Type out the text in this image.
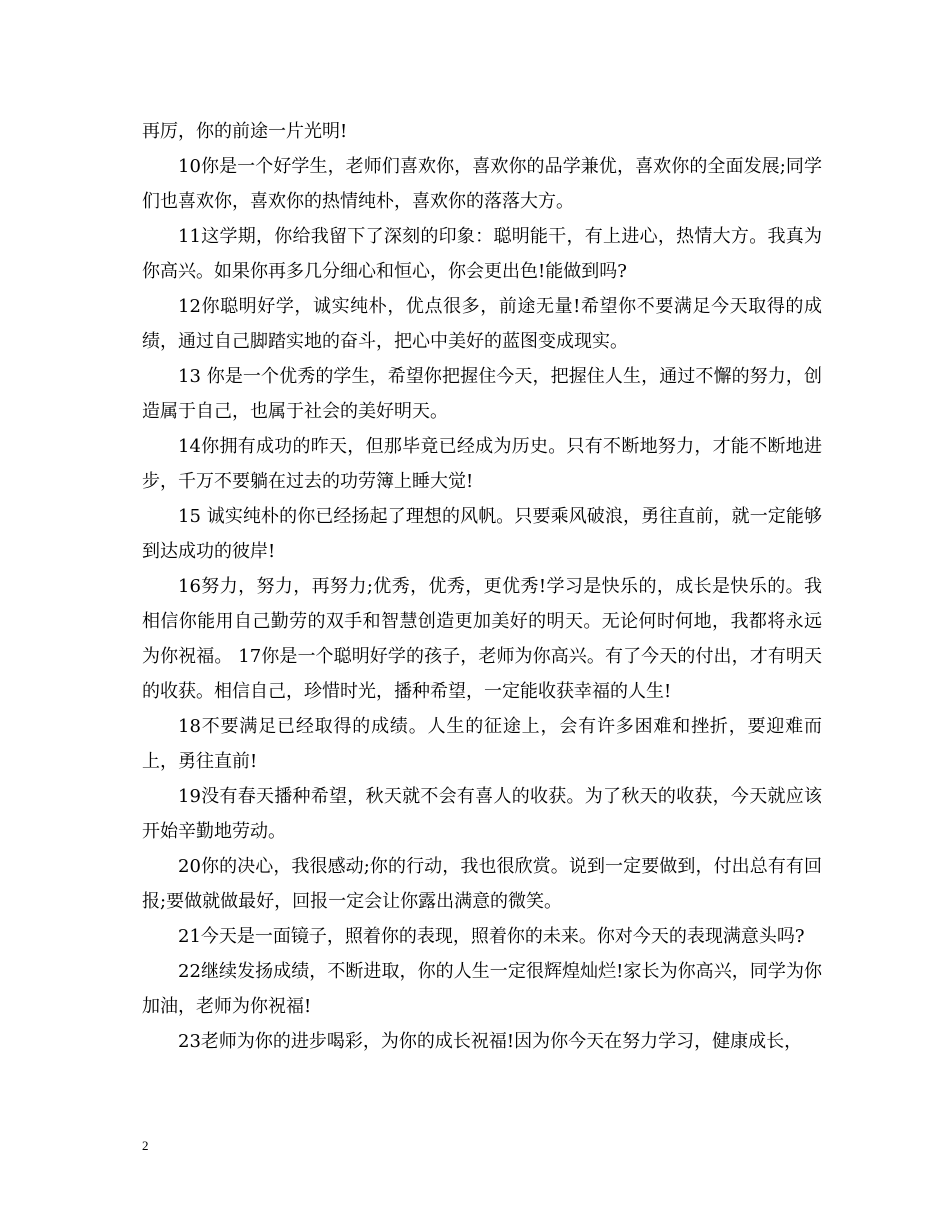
再厉，你的前途一片光明!

10你是一个好学生，老师们喜欢你，喜欢你的品学兼优，喜欢你的全面发展;同学们也喜欢你，喜欢你的热情纯朴，喜欢你的落落大方。

11这学期，你给我留下了深刻的印象：聪明能干，有上进心，热情大方。我真为你高兴。如果你再多几分细心和恒心，你会更出色!能做到吗?

12你聪明好学，诚实纯朴，优点很多，前途无量!希望你不要满足今天取得的成绩，通过自己脚踏实地的奋斗，把心中美好的蓝图变成现实。

13 你是一个优秀的学生，希望你把握住今天，把握住人生，通过不懈的努力，创造属于自己，也属于社会的美好明天。

14你拥有成功的昨天，但那毕竟已经成为历史。只有不断地努力，才能不断地进步，千万不要躺在过去的功劳簿上睡大觉!

15 诚实纯朴的你已经扬起了理想的风帆。只要乘风破浪，勇往直前，就一定能够到达成功的彼岸!

16努力，努力，再努力;优秀，优秀，更优秀!学习是快乐的，成长是快乐的。我相信你能用自己勤劳的双手和智慧创造更加美好的明天。无论何时何地，我都将永远为你祝福。 17你是一个聪明好学的孩子，老师为你高兴。有了今天的付出，才有明天的收获。相信自己，珍惜时光，播种希望，一定能收获幸福的人生!

18不要满足已经取得的成绩。人生的征途上，会有许多困难和挫折，要迎难而上，勇往直前!

19没有春天播种希望，秋天就不会有喜人的收获。为了秋天的收获，今天就应该开始辛勤地劳动。

20你的决心，我很感动;你的行动，我也很欣赏。说到一定要做到，付出总有有回报;要做就做最好，回报一定会让你露出满意的微笑。

21今天是一面镜子，照着你的表现，照着你的未来。你对今天的表现满意头吗?

22继续发扬成绩，不断进取，你的人生一定很辉煌灿烂!家长为你高兴，同学为你加油，老师为你祝福!

23老师为你的进步喝彩，为你的成长祝福!因为你今天在努力学习，健康成长，

2
